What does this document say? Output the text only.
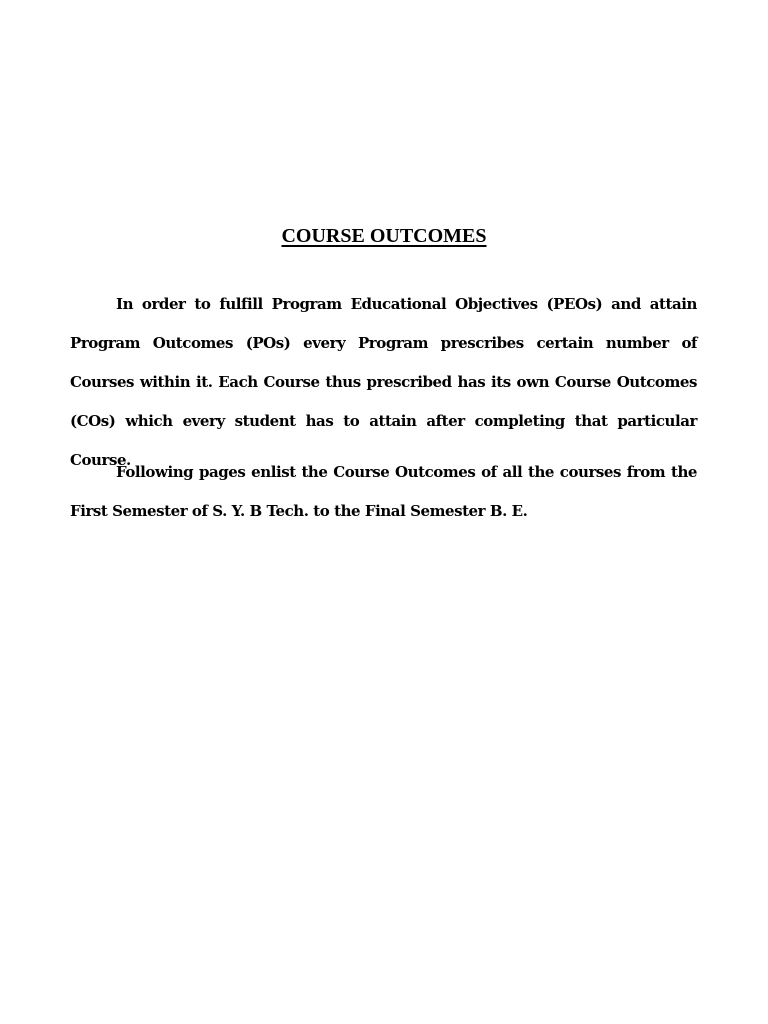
COURSE OUTCOMES

In order to fulfill Program Educational Objectives (PEOs) and attain Program Outcomes (POs) every Program prescribes certain number of Courses within it. Each Course thus prescribed has its own Course Outcomes (COs) which every student has to attain after completing that particular Course.

Following pages enlist the Course Outcomes of all the courses from the First Semester of S. Y. B Tech. to the Final Semester B. E.
